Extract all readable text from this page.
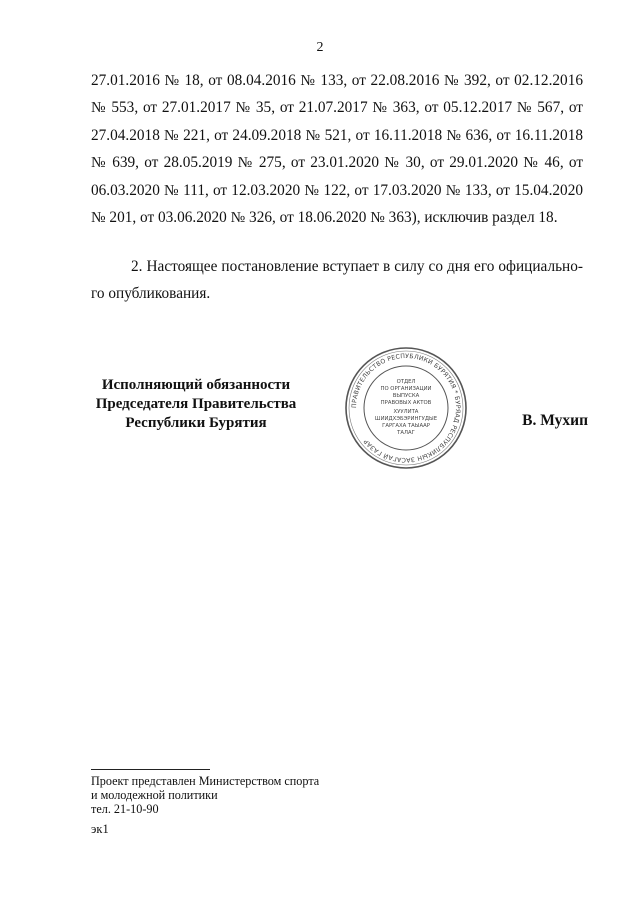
2

27.01.2016 № 18, от 08.04.2016 № 133, от 22.08.2016 № 392, от 02.12.2016 № 553, от 27.01.2017 № 35, от 21.07.2017 № 363, от 05.12.2017 № 567, от 27.04.2018 № 221, от 24.09.2018 № 521, от 16.11.2018 № 636, от 16.11.2018 № 639, от 28.05.2019 № 275, от 23.01.2020 № 30, от 29.01.2020 № 46, от 06.03.2020 № 111, от 12.03.2020 № 122, от 17.03.2020 № 133, от 15.04.2020 № 201, от 03.06.2020 № 326, от 18.06.2020 № 363), исключив раздел 18.

2. Настоящее постановление вступает в силу со дня его официального опубликования.

Исполняющий обязанности
Председателя Правительства
Республики Бурятия
ПРАВИТЕЛЬСТВО РЕСПУБЛИКИ БУРЯТИЯ * БУРЯАД РЕСПУБЛИКЫН ЗАСАГАЙ ГАЗАР
ОТДЕЛ
ПО ОРГАНИЗАЦИИ
ВЫПУСКА
ПРАВОВЫХ АКТОВ
ХУУЛИТА
ШИИДХЭБЭРИНГУДЫЕ
ГАРГАХА ТАЫААР
ТАЛАГ
В. Мухип
Проект представлен Министерством спорта
и молодежной политики
тел. 21-10-90
эк1
